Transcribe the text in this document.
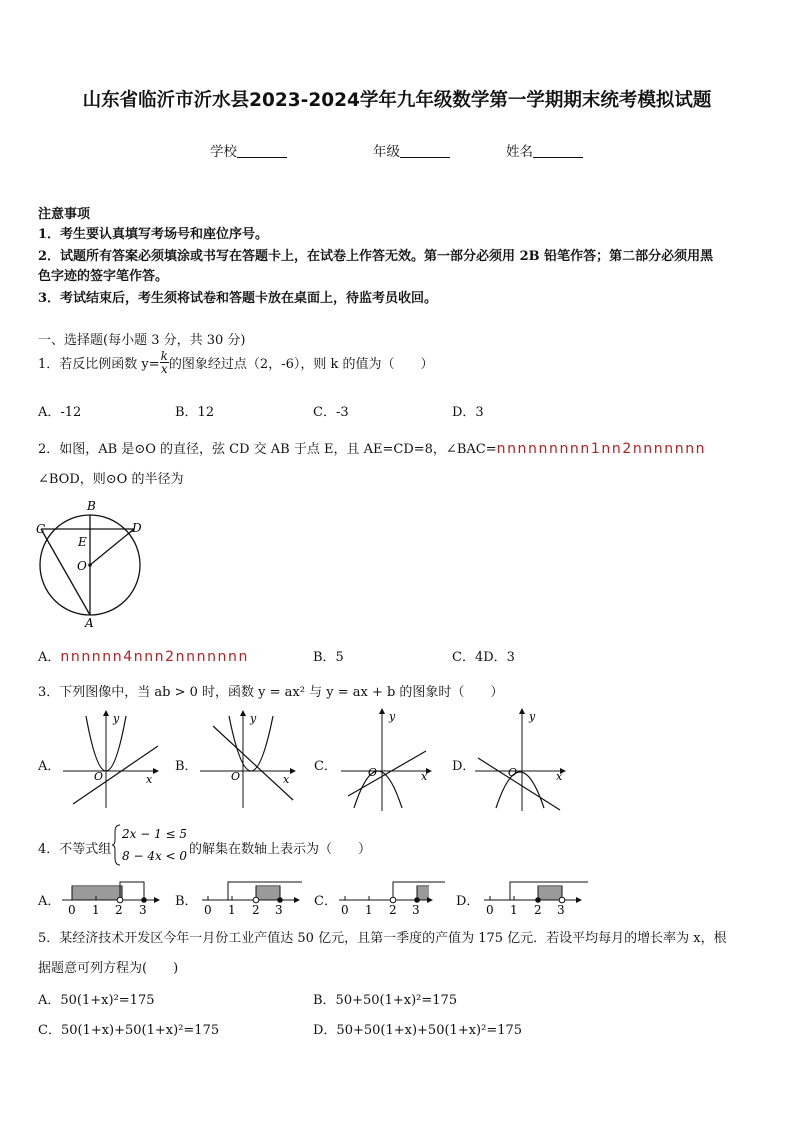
山东省临沂市沂水县2023-2024学年九年级数学第一学期期末统考模拟试题
学校	年级	姓名
注意事项
1．考生要认真填写考场号和座位序号。
2．试题所有答案必须填涂或书写在答题卡上，在试卷上作答无效。第一部分必须用 2B 铅笔作答；第二部分必须用黑
色字迹的签字笔作答。
3．考试结束后，考生须将试卷和答题卡放在桌面上，待监考员收回。
一、选择题(每小题 3 分，共 30 分)
1．若反比例函数 $y= \frac{k}{x}$ 的图象经过点（2，-6），则 k 的值为（　　）
A．-12	B．12	C．-3	D．3
2．如图，AB 是⊙O 的直径，弦 CD 交 AB 于点 E，且 AE=CD=8，∠BAC=nnnnnnnnn1nn2nnnnnnn
∠BOD，则⊙O 的半径为
B
C	D
E
O
A
A．nnnnnn4nnn2nnnnnnn	B．5	C．4D．3
3．下列图像中，当 ab > 0 时，函数 y = ax² 与 y = ax + b 的图象时（　　）
A．
y
x
O
B．
y
x
O
C．
y
x
O	D．
y
x
O
4．不等式组
2x − 1 ≤ 5
8 − 4x < 0 的解集在数轴上表示为（　　）
A．
0 1 2 3
B．
0 1 2 3
C．
0 1 2 3
D．
0 1 2 3
5．某经济技术开发区今年一月份工业产值达 50 亿元，且第一季度的产值为 175 亿元．若设平均每月的增长率为 x，根
据题意可列方程为(　　)
A．50(1+x)²=175	B．50+50(1+x)²=175
C．50(1+x)+50(1+x)²=175	D．50+50(1+x)+50(1+x)²=175
